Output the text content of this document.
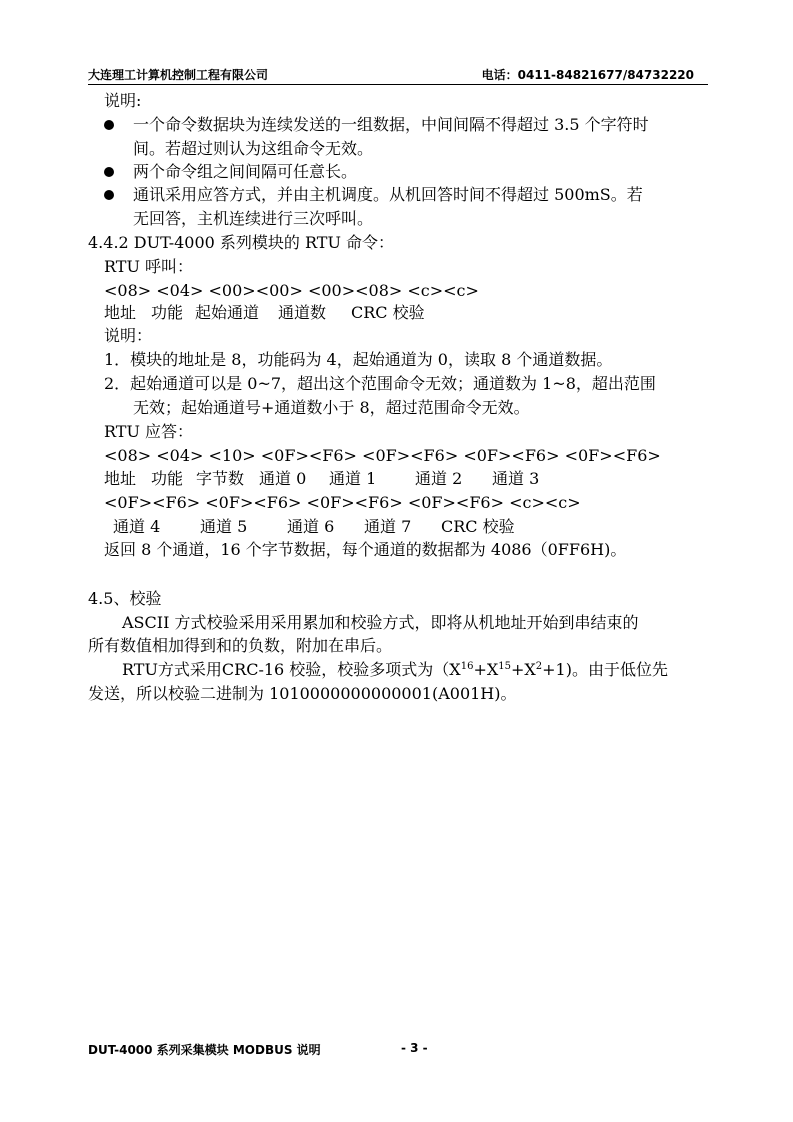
大连理工计算机控制工程有限公司	电话：0411-84821677/84732220
说明:
一个命令数据块为连续发送的一组数据，中间间隔不得超过 3.5 个字符时
间。若超过则认为这组命令无效。
两个命令组之间间隔可任意长。
通讯采用应答方式，并由主机调度。从机回答时间不得超过 500mS。若
无回答，主机连续进行三次呼叫。
4.4.2 DUT-4000 系列模块的 RTU 命令：
RTU 呼叫：
<08> <04> <00><00> <00><08> <c><c>
地址 功能 起始通道 通道数 CRC 校验
说明：
1．模块的地址是 8，功能码为 4，起始通道为 0，读取 8 个通道数据。
2．起始通道可以是 0~7，超出这个范围命令无效；通道数为 1~8，超出范围
无效；起始通道号+通道数小于 8，超过范围命令无效。
RTU 应答：
<08> <04> <10> <0F><F6> <0F><F6> <0F><F6> <0F><F6>
地址 功能 字节数 通道 0 通道 1 通道 2 通道 3
<0F><F6> <0F><F6> <0F><F6> <0F><F6> <c><c>
通道 4 通道 5 通道 6 通道 7 CRC 校验
返回 8 个通道，16 个字节数据，每个通道的数据都为 4086（0FF6H)。
4.5、校验
ASCII 方式校验采用采用累加和校验方式，即将从机地址开始到串结束的
所有数值相加得到和的负数，附加在串后。
RTU方式采用CRC-16 校验，校验多项式为$(X^{16}+X^{15}+X^2+1)$。由于低位先
发送，所以校验二进制为 1010000000000001(A001H)。
DUT-4000 系列采集模块 MODBUS 说明	- 3 -
